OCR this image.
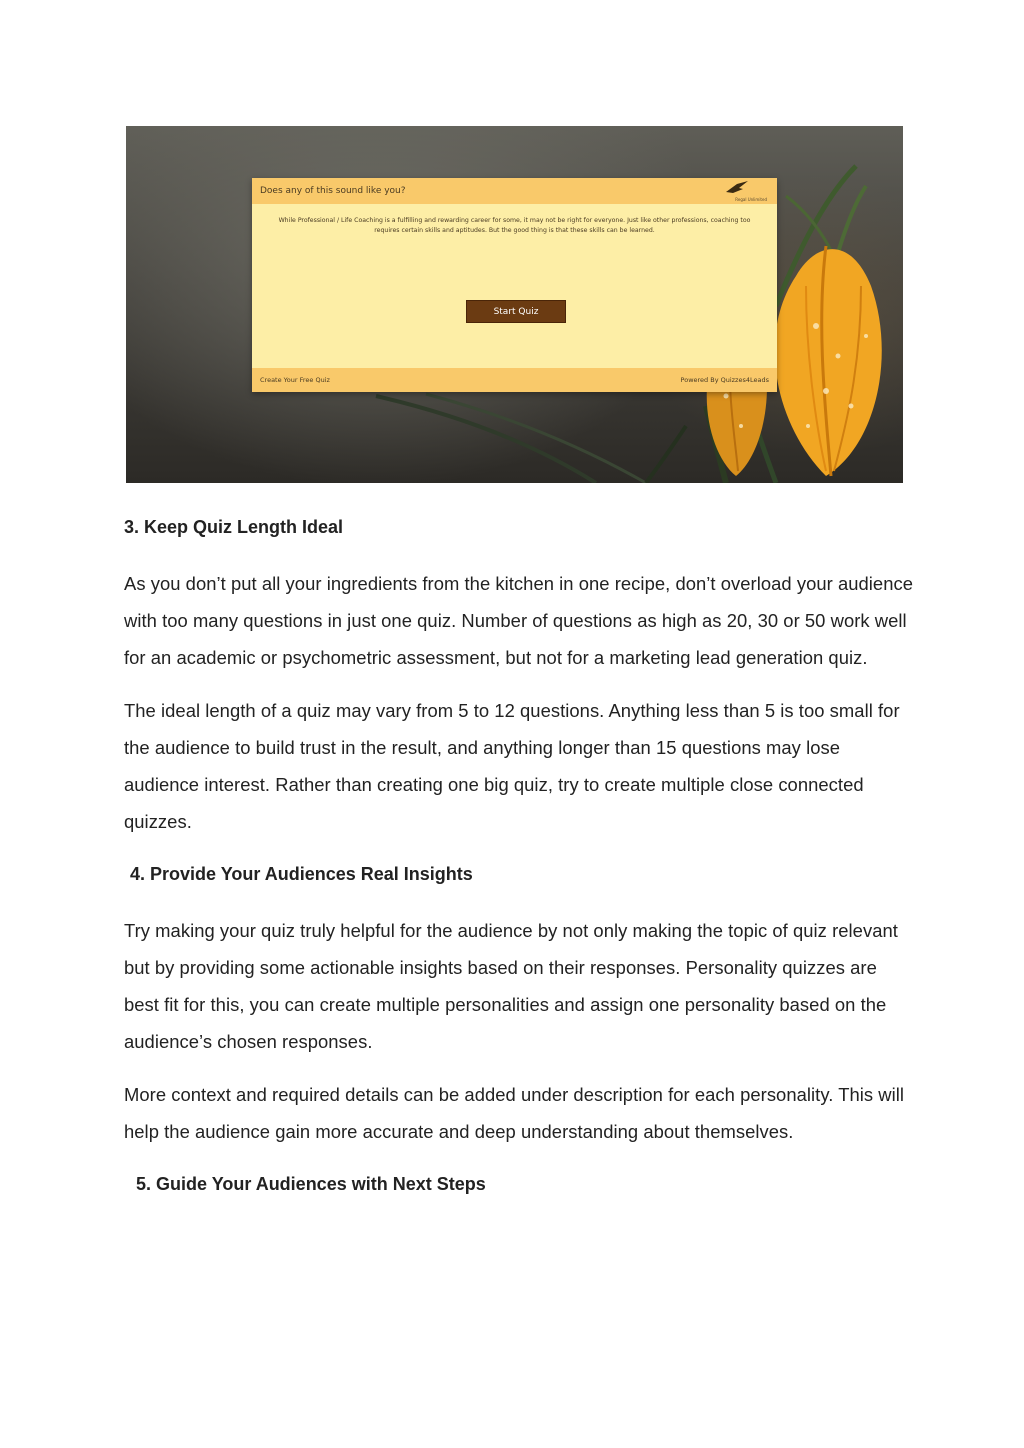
Does any of this sound like you?
Regal Unlimited
While Professional / Life Coaching is a fulfilling and rewarding career for some, it may not be right for everyone. Just like other professions, coaching too requires certain skills and aptitudes. But the good thing is that these skills can be learned.
Start Quiz
Create Your Free Quiz	Powered By Quizzes4Leads
3. Keep Quiz Length Ideal

As you don’t put all your ingredients from the kitchen in one recipe, don’t overload your audience with too many questions in just one quiz. Number of questions as high as 20, 30 or 50 work well for an academic or psychometric assessment, but not for a marketing lead generation quiz.

The ideal length of a quiz may vary from 5 to 12 questions. Anything less than 5 is too small for the audience to build trust in the result, and anything longer than 15 questions may lose audience interest. Rather than creating one big quiz, try to create multiple close connected quizzes.

4. Provide Your Audiences Real Insights

Try making your quiz truly helpful for the audience by not only making the topic of quiz relevant but by providing some actionable insights based on their responses. Personality quizzes are best fit for this, you can create multiple personalities and assign one personality based on the audience’s chosen responses.

More context and required details can be added under description for each personality. This will help the audience gain more accurate and deep understanding about themselves.

5. Guide Your Audiences with Next Steps
